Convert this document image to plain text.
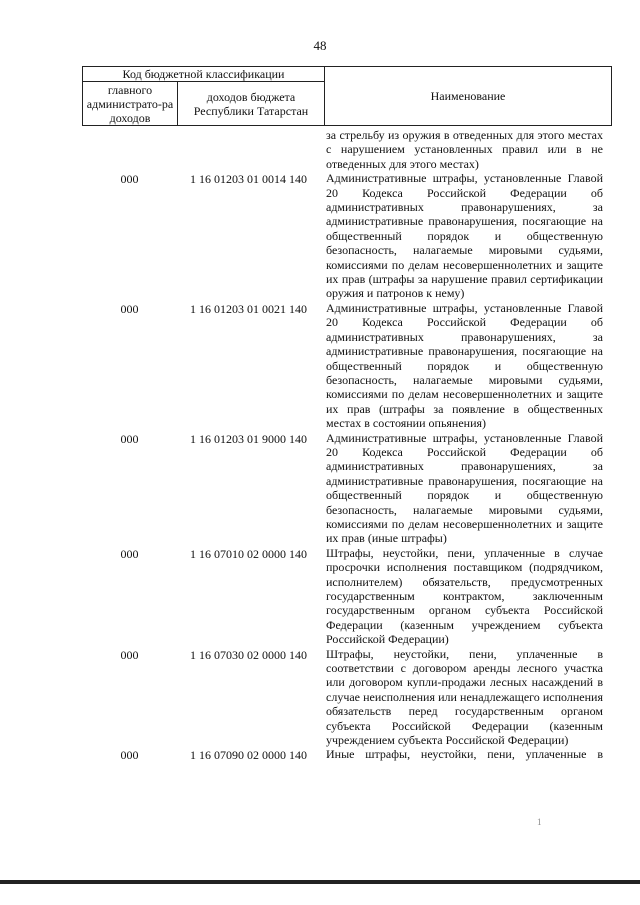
48
Код бюджетной классификации		Наименование
главного администрато-ра доходов	доходов бюджета Республики Татарстан	
за стрельбу из оружия в отведенных для этого местах с нарушением установленных правил или в не отведенных для этого местах)
000	1 16 01203 01 0014 140	Административные штрафы, установленные Главой 20 Кодекса Российской Федерации об административных правонарушениях, за административные правонарушения, посягающие на общественный порядок и общественную безопасность, налагаемые мировыми судьями, комиссиями по делам несовершеннолетних и защите их прав (штрафы за нарушение правил сертификации оружия и патронов к нему)
000	1 16 01203 01 0021 140	Административные штрафы, установленные Главой 20 Кодекса Российской Федерации об административных правонарушениях, за административные правонарушения, посягающие на общественный порядок и общественную безопасность, налагаемые мировыми судьями, комиссиями по делам несовершеннолетних и защите их прав (штрафы за появление в общественных местах в состоянии опьянения)
000	1 16 01203 01 9000 140	Административные штрафы, установленные Главой 20 Кодекса Российской Федерации об административных правонарушениях, за административные правонарушения, посягающие на общественный порядок и общественную безопасность, налагаемые мировыми судьями, комиссиями по делам несовершеннолетних и защите их прав (иные штрафы)
000	1 16 07010 02 0000 140	Штрафы, неустойки, пени, уплаченные в случае просрочки исполнения поставщиком (подрядчиком, исполнителем) обязательств, предусмотренных государственным контрактом, заключенным государственным органом субъекта Российской Федерации (казенным учреждением субъекта Российской Федерации)
000	1 16 07030 02 0000 140	Штрафы, неустойки, пени, уплаченные в соответствии с договором аренды лесного участка или договором купли-продажи лесных насаждений в случае неисполнения или ненадлежащего исполнения обязательств перед государственным органом субъекта Российской Федерации (казенным учреждением субъекта Российской Федерации)
000	1 16 07090 02 0000 140	Иные штрафы, неустойки, пени, уплаченные в
1
